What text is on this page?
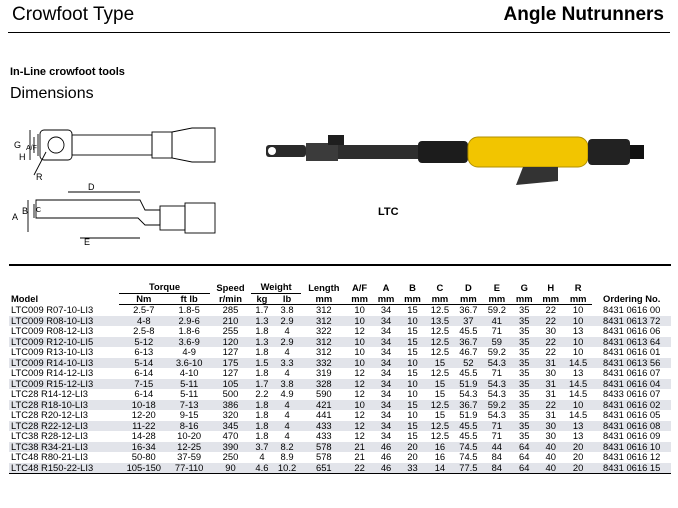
Crowfoot Type	Angle Nutrunners
In-Line crowfoot tools
Dimensions
G A/F
H
R
D
A
B C
E
LTC
Model	Torque		Speed	Weight		Length	A/F	A	B	C	D	E	G	H	R	Ordering No.
	Nm	ft lb	r/min	kg	lb	mm	mm	mm	mm	mm	mm	mm	mm	mm	mm	
LTC009 R07-10-LI3	2.5-7	1.8-5	285	1.7	3.8	312	10	34	15	12.5	36.7	59.2	35	22	10	8431 0616 00
LTC009 R08-10-LI3	4-8	2.9-6	210	1.3	2.9	312	10	34	10	13.5	37	41	35	22	10	8431 0613 72
LTC009 R08-12-LI3	2.5-8	1.8-6	255	1.8	4	322	12	34	15	12.5	45.5	71	35	30	13	8431 0616 06
LTC009 R12-10-LI5	5-12	3.6-9	120	1.3	2.9	312	10	34	15	12.5	36.7	59	35	22	10	8431 0613 64
LTC009 R13-10-LI3	6-13	4-9	127	1.8	4	312	10	34	15	12.5	46.7	59.2	35	22	10	8431 0616 01
LTC009 R14-10-LI3	5-14	3.6-10	175	1.5	3.3	332	10	34	10	15	52	54.3	35	31	14.5	8431 0613 56
LTC009 R14-12-LI3	6-14	4-10	127	1.8	4	319	12	34	15	12.5	45.5	71	35	30	13	8431 0616 07
LTC009 R15-12-LI3	7-15	5-11	105	1.7	3.8	328	12	34	10	15	51.9	54.3	35	31	14.5	8431 0616 04
LTC28 R14-12-LI3	6-14	5-11	500	2.2	4.9	590	12	34	10	15	54.3	54.3	35	31	14.5	8433 0616 07
LTC28 R18-10-LI3	10-18	7-13	386	1.8	4	421	10	34	15	12.5	36.7	59.2	35	22	10	8431 0616 02
LTC28 R20-12-LI3	12-20	9-15	320	1.8	4	441	12	34	10	15	51.9	54.3	35	31	14.5	8431 0616 05
LTC28 R22-12-LI3	11-22	8-16	345	1.8	4	433	12	34	15	12.5	45.5	71	35	30	13	8431 0616 08
LTC38 R28-12-LI3	14-28	10-20	470	1.8	4	433	12	34	15	12.5	45.5	71	35	30	13	8431 0616 09
LTC38 R34-21-LI3	16-34	12-25	390	3.7	8.2	578	21	46	20	16	74.5	44	64	40	20	8431 0616 10
LTC48 R80-21-LI3	50-80	37-59	250	4	8.9	578	21	46	20	16	74.5	84	64	40	20	8431 0616 12
LTC48 R150-22-LI3	105-150	77-110	90	4.6	10.2	651	22	46	33	14	77.5	84	64	40	20	8431 0616 15
